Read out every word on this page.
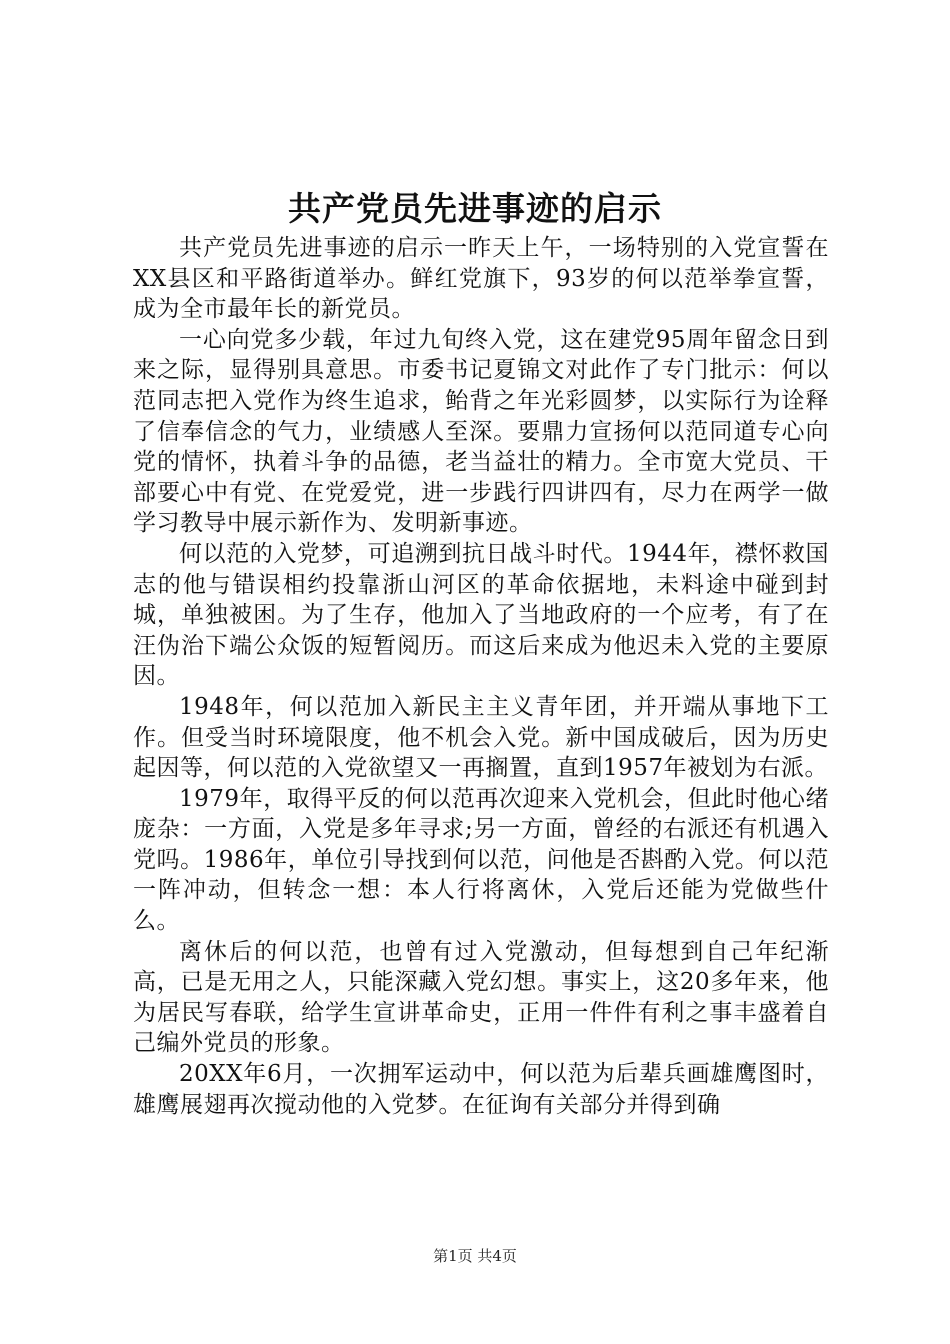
共产党员先进事迹的启示

共产党员先进事迹的启示一昨天上午，一场特别的入党宣誓在XX县区和平路街道举办。鲜红党旗下，93岁的何以范举拳宣誓，成为全市最年长的新党员。

一心向党多少载，年过九旬终入党，这在建党95周年留念日到来之际，显得别具意思。市委书记夏锦文对此作了专门批示：何以范同志把入党作为终生追求，鲐背之年光彩圆梦，以实际行为诠释了信奉信念的气力，业绩感人至深。要鼎力宣扬何以范同道专心向党的情怀，执着斗争的品德，老当益壮的精力。全市宽大党员、干部要心中有党、在党爱党，进一步践行四讲四有，尽力在两学一做学习教导中展示新作为、发明新事迹。

何以范的入党梦，可追溯到抗日战斗时代。1944年，襟怀救国志的他与错误相约投靠浙山河区的革命依据地，未料途中碰到封城，单独被困。为了生存，他加入了当地政府的一个应考，有了在汪伪治下端公众饭的短暂阅历。而这后来成为他迟未入党的主要原因。

1948年，何以范加入新民主主义青年团，并开端从事地下工作。但受当时环境限度，他不机会入党。新中国成破后，因为历史起因等，何以范的入党欲望又一再搁置，直到1957年被划为右派。

1979年，取得平反的何以范再次迎来入党机会，但此时他心绪庞杂：一方面，入党是多年寻求;另一方面，曾经的右派还有机遇入党吗。1986年，单位引导找到何以范，问他是否斟酌入党。何以范一阵冲动，但转念一想：本人行将离休，入党后还能为党做些什么。

离休后的何以范，也曾有过入党激动，但每想到自己年纪渐高，已是无用之人，只能深藏入党幻想。事实上，这20多年来，他为居民写春联，给学生宣讲革命史，正用一件件有利之事丰盛着自己编外党员的形象。

20XX年6月，一次拥军运动中，何以范为后辈兵画雄鹰图时，雄鹰展翅再次搅动他的入党梦。在征询有关部分并得到确

第1页 共4页
